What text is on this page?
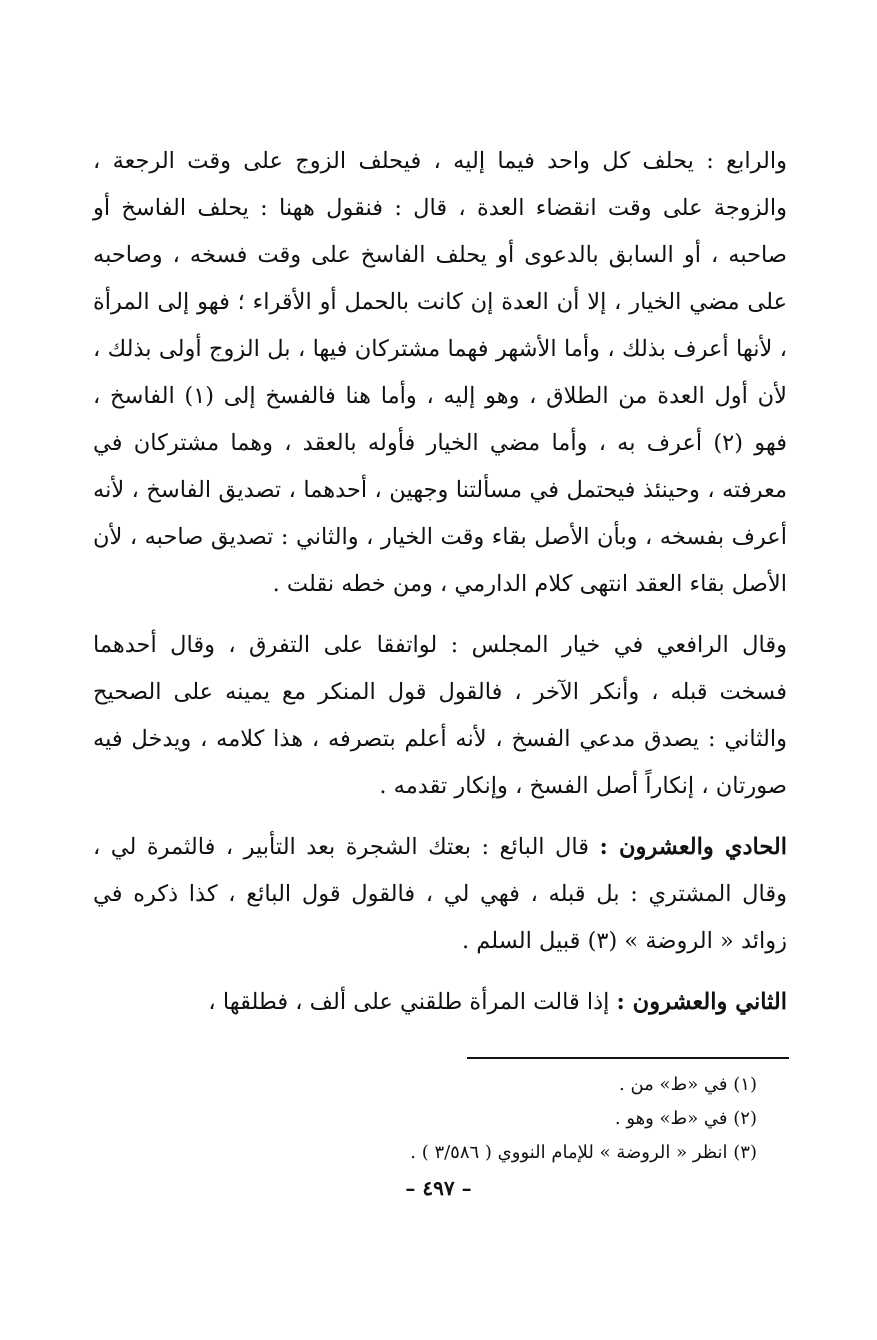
والرابع : يحلف كل واحد فيما إليه ، فيحلف الزوج على وقت الرجعة ، والزوجة على وقت انقضاء العدة ، قال : فنقول ههنا : يحلف الفاسخ أو صاحبه ، أو السابق بالدعوى أو يحلف الفاسخ على وقت فسخه ، وصاحبه على مضي الخيار ، إلا أن العدة إن كانت بالحمل أو الأقراء ؛ فهو إلى المرأة ، لأنها أعرف بذلك ، وأما الأشهر فهما مشتركان فيها ، بل الزوج أولى بذلك ، لأن أول العدة من الطلاق ، وهو إليه ، وأما هنا فالفسخ إلى (١) الفاسخ ، فهو (٢) أعرف به ، وأما مضي الخيار فأوله بالعقد ، وهما مشتركان في معرفته ، وحينئذ فيحتمل في مسألتنا وجهين ، أحدهما ، تصديق الفاسخ ، لأنه أعرف بفسخه ، وبأن الأصل بقاء وقت الخيار ، والثاني : تصديق صاحبه ، لأن الأصل بقاء العقد انتهى كلام الدارمي ، ومن خطه نقلت .

وقال الرافعي في خيار المجلس : لواتفقا على التفرق ، وقال أحدهما فسخت قبله ، وأنكر الآخر ، فالقول قول المنكر مع يمينه على الصحيح والثاني : يصدق مدعي الفسخ ، لأنه أعلم بتصرفه ، هذا كلامه ، ويدخل فيه صورتان ، إنكاراً أصل الفسخ ، وإنكار تقدمه .

الحادي والعشرون : قال البائع : بعتك الشجرة بعد التأبير ، فالثمرة لي ، وقال المشتري : بل قبله ، فهي لي ، فالقول قول البائع ، كذا ذكره في زوائد « الروضة » (٣) قبيل السلم .

الثاني والعشرون : إذا قالت المرأة طلقني على ألف ، فطلقها ،

(١) في «ط» من .

(٢) في «ط» وهو .

(٣) انظر « الروضة » للإمام النووي ( ٣/٥٨٦ ) .

– ٤٩٧ –
